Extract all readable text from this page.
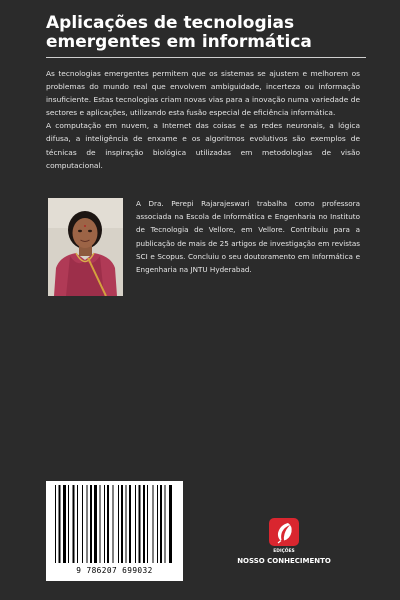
Aplicações de tecnologias emergentes em informática

As tecnologias emergentes permitem que os sistemas se ajustem e melhorem os problemas do mundo real que envolvem ambiguidade, incerteza ou informação insuficiente. Estas tecnologias criam novas vias para a inovação numa variedade de sectores e aplicações, utilizando esta fusão especial de eficiência informática.

A computação em nuvem, a Internet das coisas e as redes neuronais, a lógica difusa, a inteligência de enxame e os algoritmos evolutivos são exemplos de técnicas de inspiração biológica utilizadas em metodologias de visão computacional.

A Dra. Perepi Rajarajeswari trabalha como professora associada na Escola de Informática e Engenharia no Instituto de Tecnologia de Vellore, em Vellore. Contribuiu para a publicação de mais de 25 artigos de investigação em revistas SCI e Scopus. Concluiu o seu doutoramento em Informática e Engenharia na JNTU Hyderabad.

9 786207 699032
EDIÇÕES
NOSSO CONHECIMENTO
